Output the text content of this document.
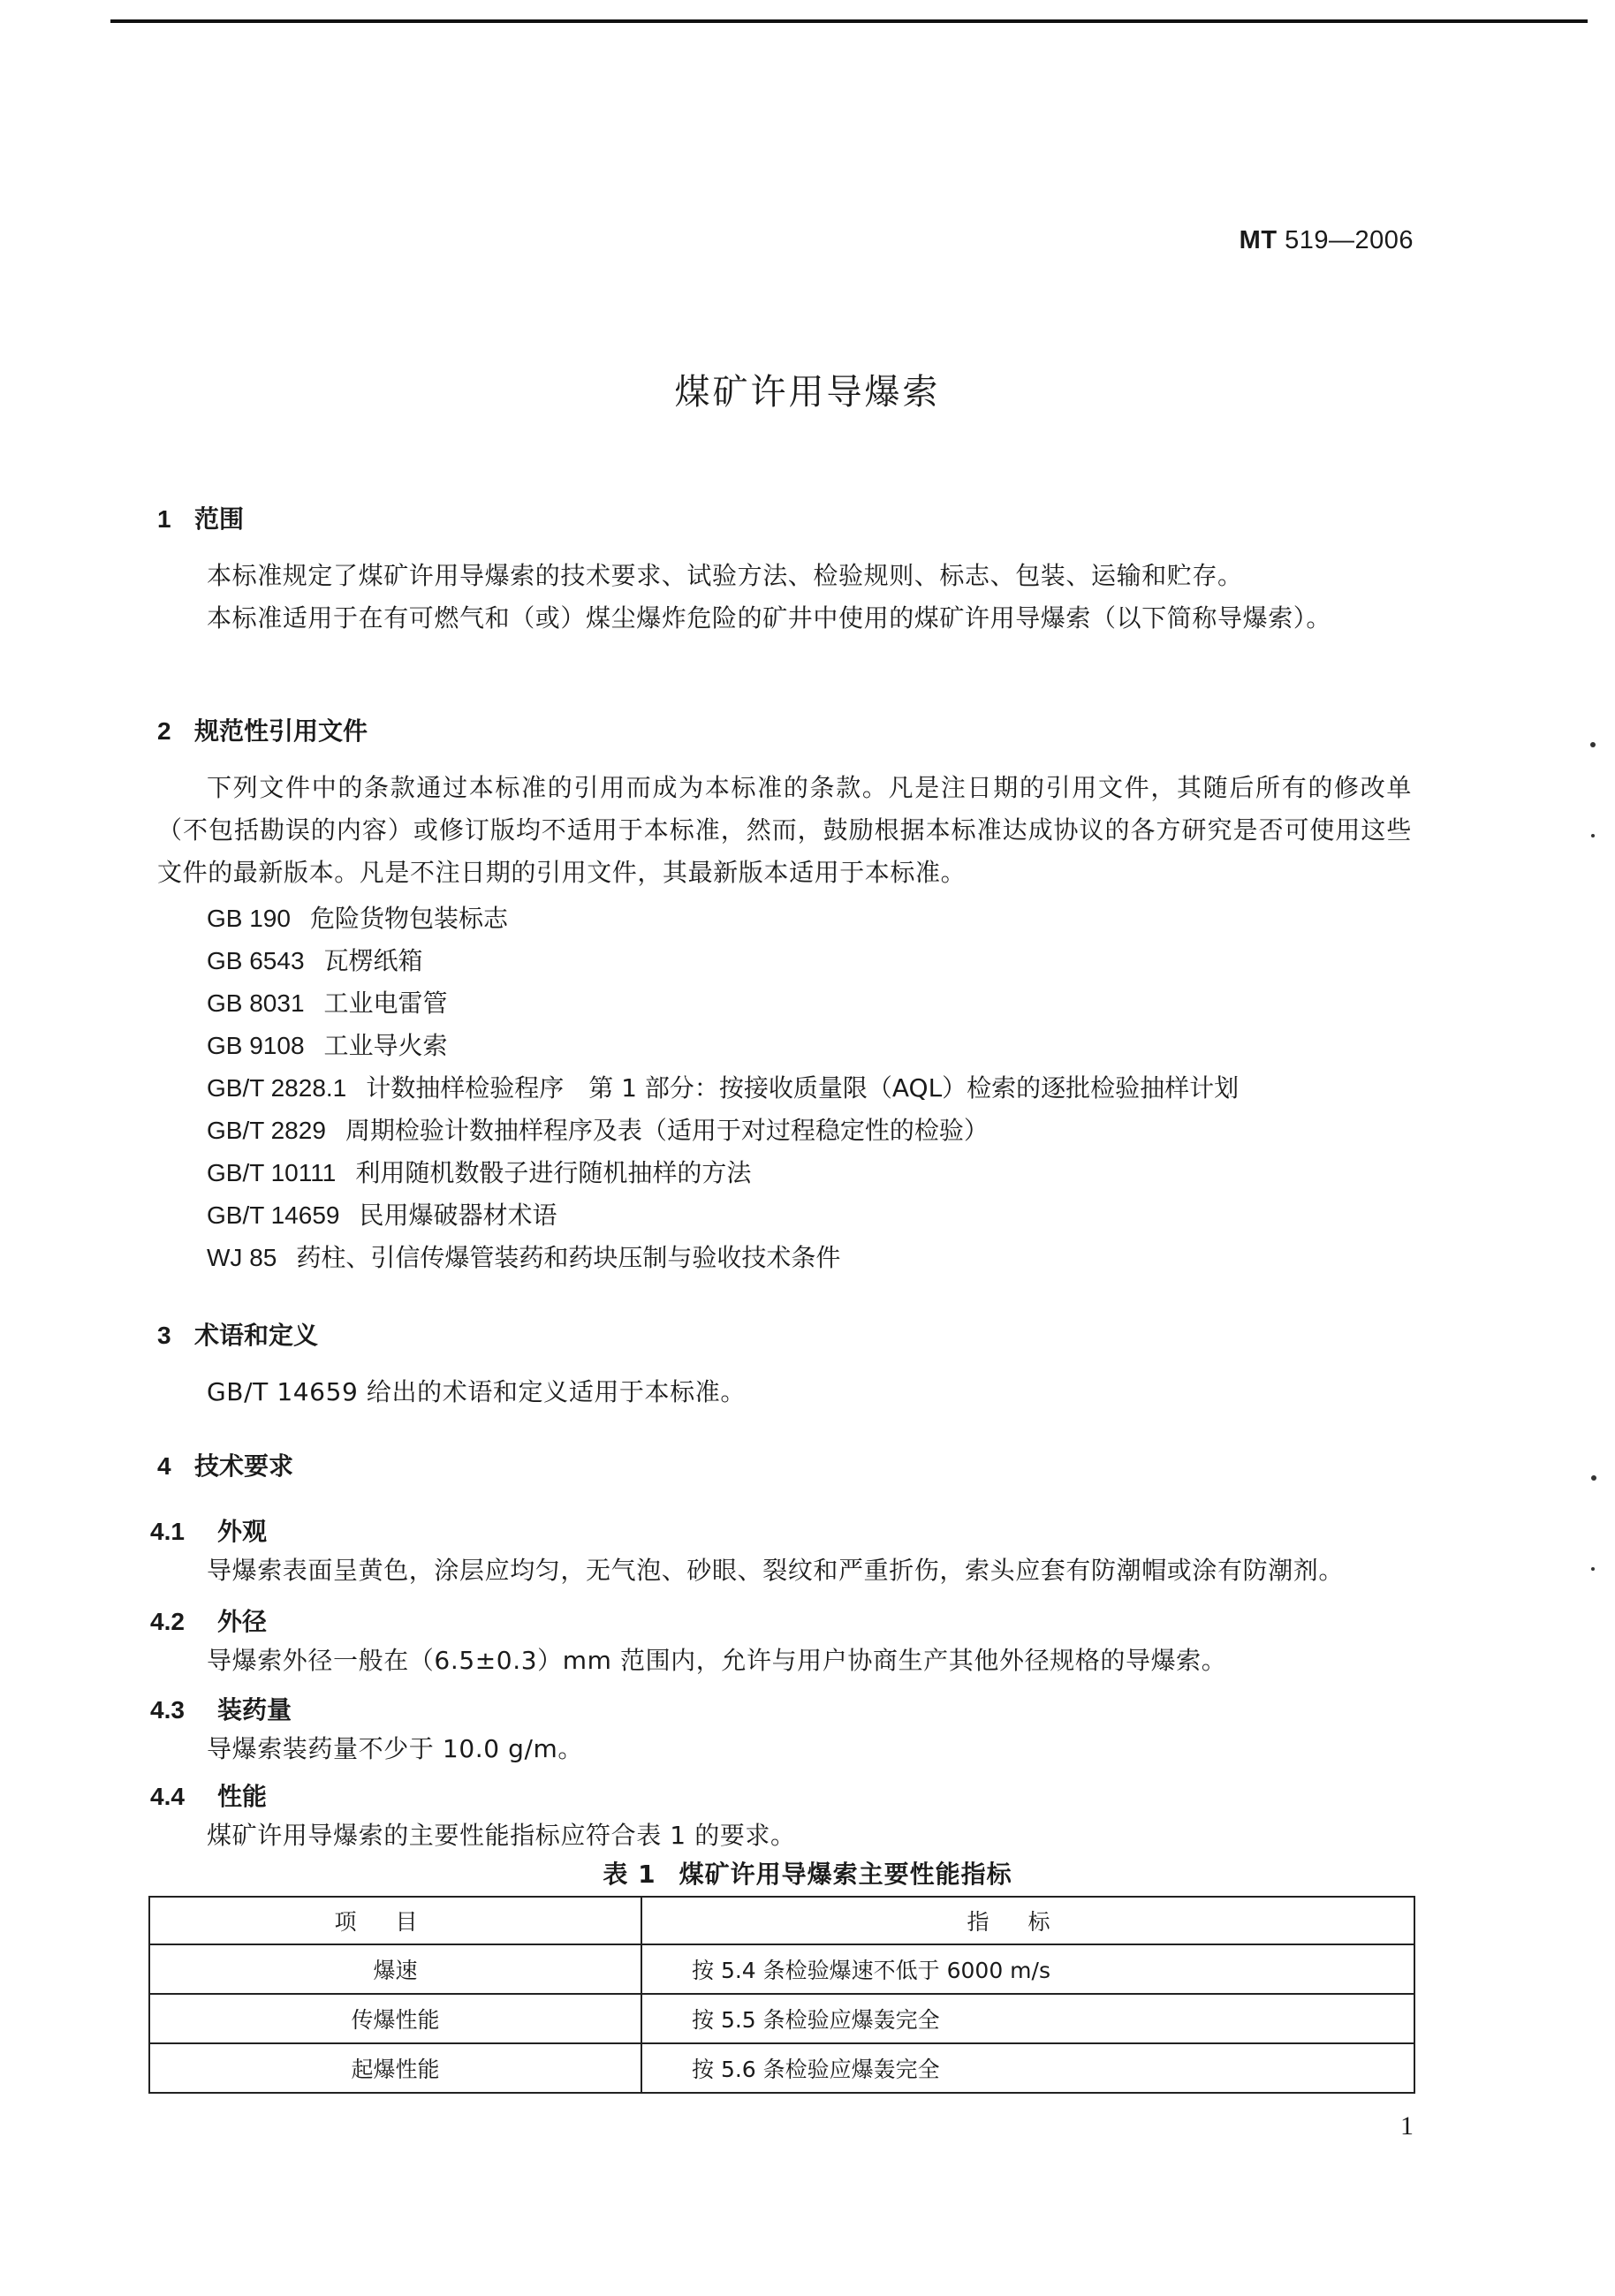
MT 519—2006
煤矿许用导爆索
1 范围
本标准规定了煤矿许用导爆索的技术要求、试验方法、检验规则、标志、包装、运输和贮存。
本标准适用于在有可燃气和（或）煤尘爆炸危险的矿井中使用的煤矿许用导爆索（以下简称导爆索）。
2 规范性引用文件
下列文件中的条款通过本标准的引用而成为本标准的条款。凡是注日期的引用文件，其随后所有的修改单（不包括勘误的内容）或修订版均不适用于本标准，然而，鼓励根据本标准达成协议的各方研究是否可使用这些文件的最新版本。凡是不注日期的引用文件，其最新版本适用于本标准。
GB 190 危险货物包装标志
GB 6543 瓦楞纸箱
GB 8031 工业电雷管
GB 9108 工业导火索
GB/T 2828.1 计数抽样检验程序　第 1 部分：按接收质量限（AQL）检索的逐批检验抽样计划
GB/T 2829 周期检验计数抽样程序及表（适用于对过程稳定性的检验）
GB/T 10111 利用随机数骰子进行随机抽样的方法
GB/T 14659 民用爆破器材术语
WJ 85 药柱、引信传爆管装药和药块压制与验收技术条件
3 术语和定义
GB/T 14659 给出的术语和定义适用于本标准。
4 技术要求
4.1 外观
导爆索表面呈黄色，涂层应均匀，无气泡、砂眼、裂纹和严重折伤，索头应套有防潮帽或涂有防潮剂。
4.2 外径
导爆索外径一般在（6.5±0.3）mm 范围内，允许与用户协商生产其他外径规格的导爆索。
4.3 装药量
导爆索装药量不少于 10.0 g/m。
4.4 性能
煤矿许用导爆索的主要性能指标应符合表 1 的要求。
表 1 煤矿许用导爆索主要性能指标
项目	指标
爆速	按 5.4 条检验爆速不低于 6000 m/s
传爆性能	按 5.5 条检验应爆轰完全
起爆性能	按 5.6 条检验应爆轰完全
1
